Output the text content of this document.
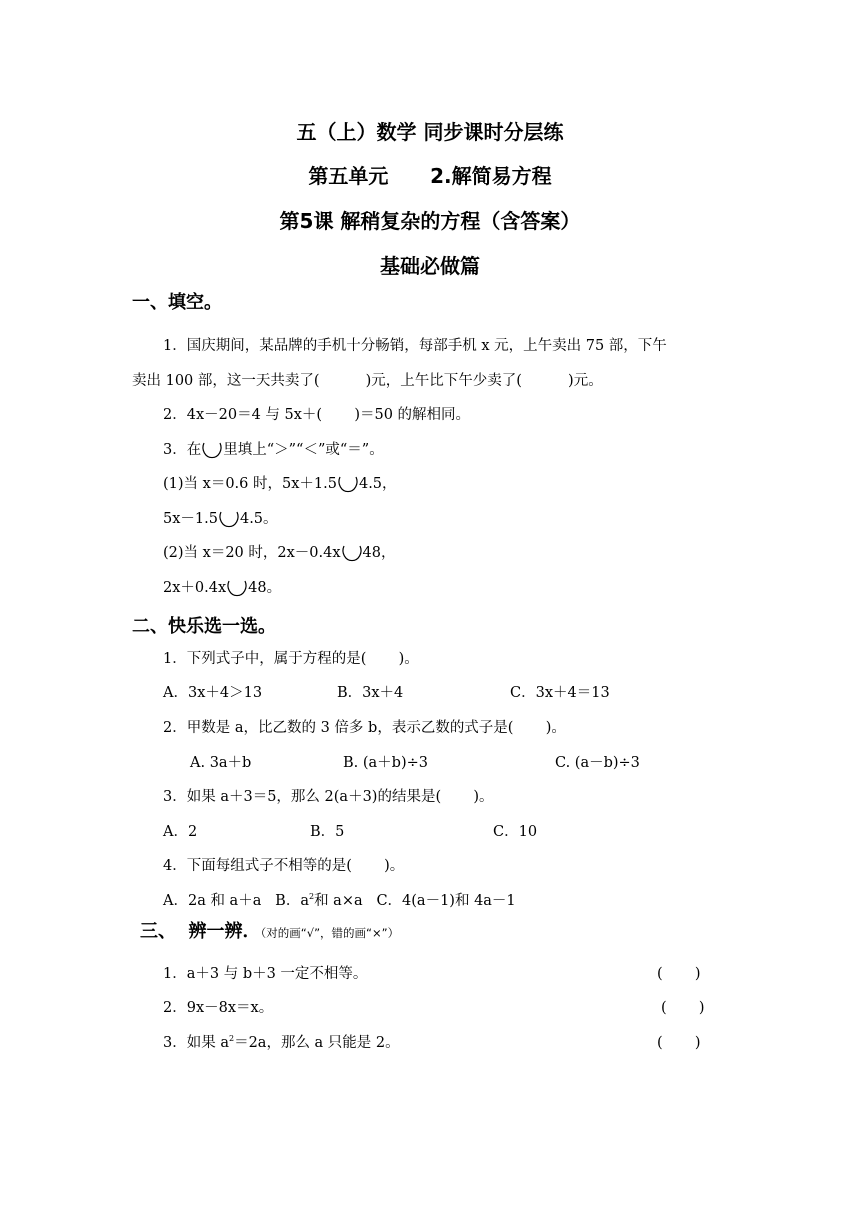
五（上）数学 同步课时分层练
第五单元      2.解简易方程
第5课 解稍复杂的方程（含答案）
基础必做篇
一、填空。
1．国庆期间，某品牌的手机十分畅销，每部手机 x 元，上午卖出 75 部，下午
卖出 100 部，这一天共卖了(          )元，上午比下午少卖了(          )元。
2．4x－20＝4 与 5x＋(       )＝50 的解相同。
3．在 里填上“＞”“＜”或“＝”。
(1)当 x＝0.6 时，5x＋1.5 4.5，
5x－1.5 4.5。
(2)当 x＝20 时，2x－0.4x 48，
2x＋0.4x 48。
二、快乐选一选。
1．下列式子中，属于方程的是(       )。
A．3x＋4＞13	B．3x＋4	C．3x＋4＝13
2．甲数是 a，比乙数的 3 倍多 b，表示乙数的式子是(       )。
A. 3a＋b	B. (a＋b)÷3	C. (a－b)÷3
3．如果 a＋3＝5，那么 2(a＋3)的结果是(       )。
A．2	B．5	C．10
4．下面每组式子不相等的是(       )。
A．2a 和 a＋a   B．$a^2$和 a×a   C．4(a－1)和 4a－1
三、  辨一辨．（对的画“√”，错的画“×”）
1．a＋3 与 b＋3 一定不相等。	(       )
2．9x－8x＝x。	(       )
3．如果 $a^2=2a$，那么 a 只能是 2。	(       )
